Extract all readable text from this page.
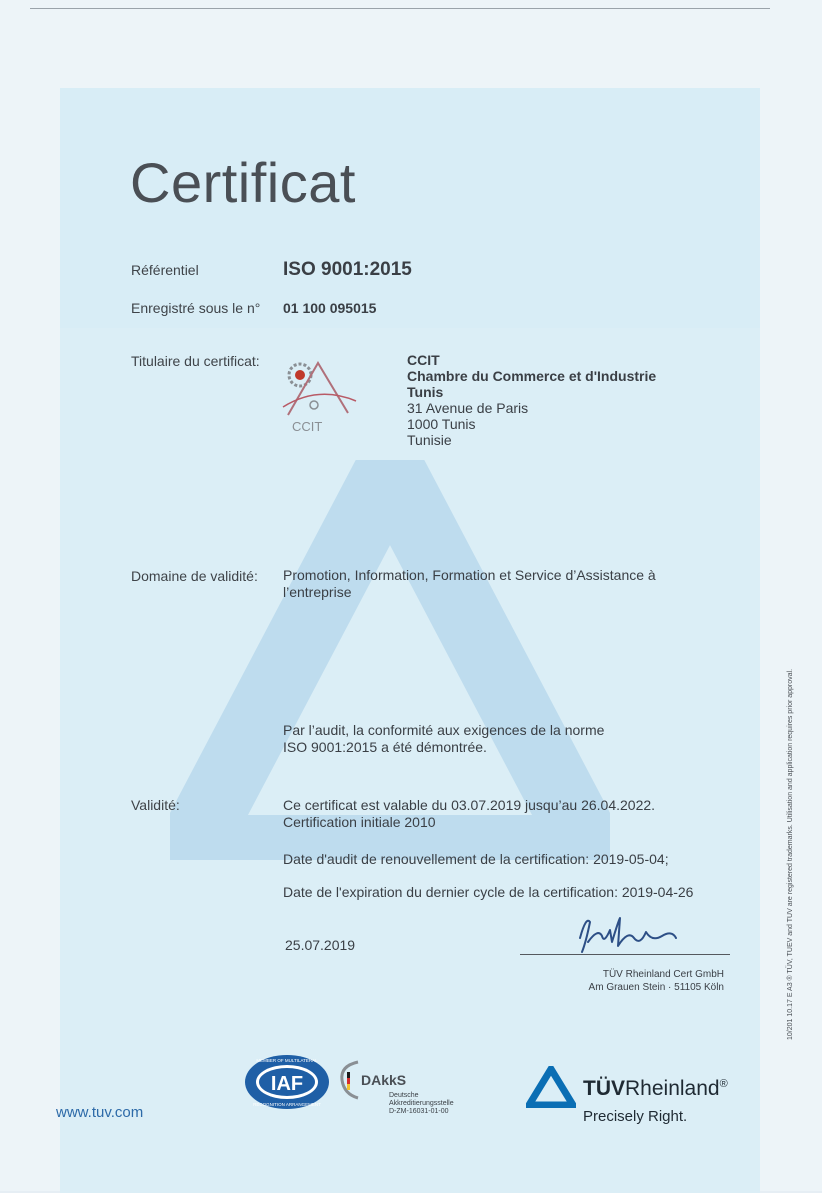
Certificat
Référentiel	ISO 9001:2015
Enregistré sous le n° 01 100 095015
Titulaire du certificat:
CCIT
CCIT
Chambre du Commerce et d'Industrie
Tunis
31 Avenue de Paris
1000 Tunis
Tunisie
Domaine de validité: Promotion, Information, Formation et Service d’Assistance à
l’entreprise
Par l’audit, la conformité aux exigences de la norme
ISO 9001:2015 a été démontrée.
Validité:	Ce certificat est valable du 03.07.2019 jusqu’au 26.04.2022.
Certification initiale 2010
Date d'audit de renouvellement de la certification: 2019-05-04;
Date de l'expiration du dernier cycle de la certification: 2019-04-26
25.07.2019
TÜV Rheinland Cert GmbH
Am Grauen Stein · 51105 Köln
www.tuv.com
IAF
MEMBER OF MULTILATERAL
RECOGNITION ARRANGEMENT
DAkkS
Deutsche
Akkreditierungsstelle
D-ZM-16031-01-00
TÜVRheinland®
Precisely Right.
10/201 10.17 E A3 ® TÜV, TUEV and TUV are registered trademarks. Utilisation and application requires prior approval.
